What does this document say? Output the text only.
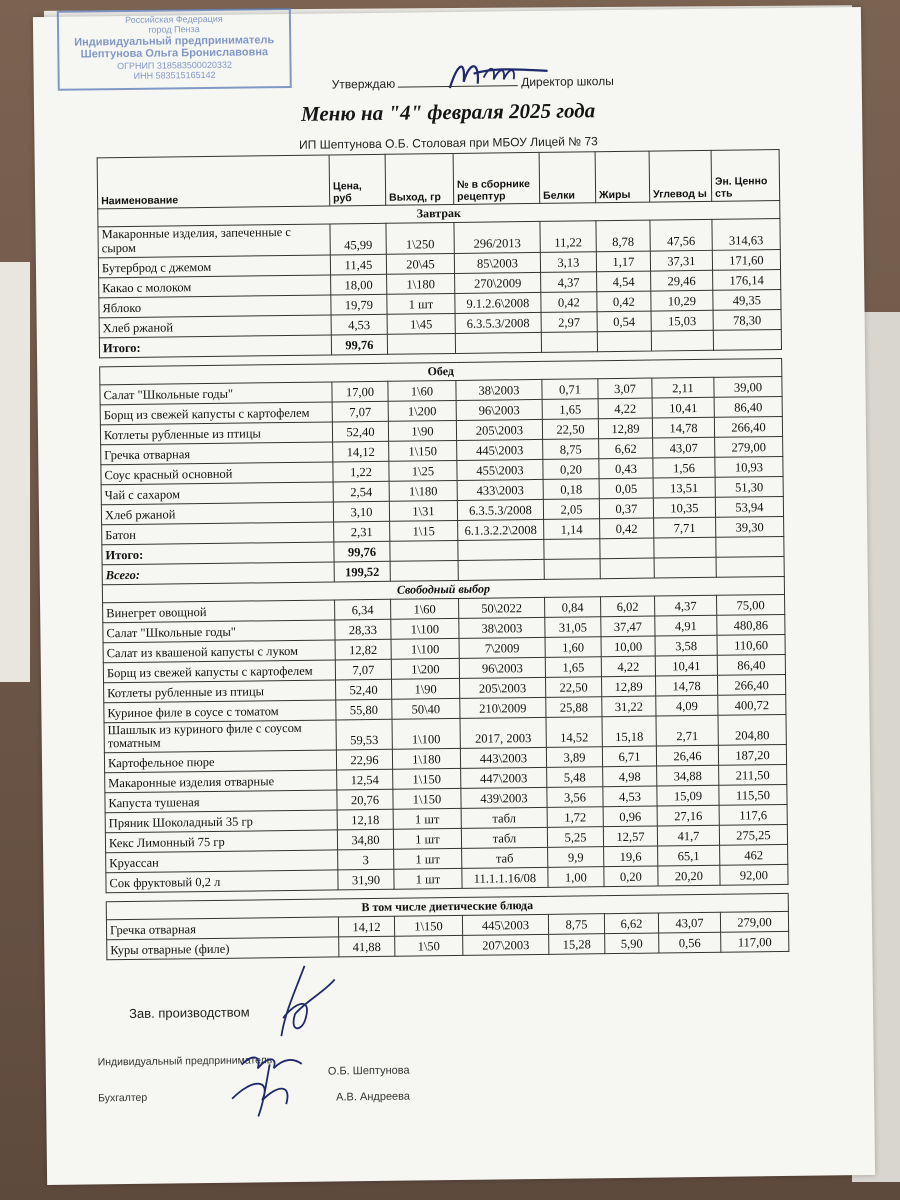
Российская Федерация
город Пенза
Индивидуальный предприниматель
Шептунова Ольга Брониславовна
ОГРНИП 318583500020332
ИНН 583515165142
Утверждаю	Директор школы
Меню на "4" февраля 2025 года
ИП Шептунова О.Б. Столовая при МБОУ Лицей № 73
Наименование	Цена, руб	Выход, гр	№ в сборнике рецептур	Белки	Жиры	Углевод ы	Эн. Ценно сть
Завтрак							
Макаронные изделия, запеченные с сыром	45,99	1\250	296/2013	11,22	8,78	47,56	314,63
Бутерброд с джемом	11,45	20\45	85\2003	3,13	1,17	37,31	171,60
Какао с молоком	18,00	1\180	270\2009	4,37	4,54	29,46	176,14
Яблоко	19,79	1 шт	9.1.2.6\2008	0,42	0,42	10,29	49,35
Хлеб ржаной	4,53	1\45	6.3.5.3/2008	2,97	0,54	15,03	78,30
Итого:	99,76						

Обед							
Салат "Школьные годы"	17,00	1\60	38\2003	0,71	3,07	2,11	39,00
Борщ из свежей капусты с картофелем	7,07	1\200	96\2003	1,65	4,22	10,41	86,40
Котлеты рубленные из птицы	52,40	1\90	205\2003	22,50	12,89	14,78	266,40
Гречка отварная	14,12	1\150	445\2003	8,75	6,62	43,07	279,00
Соус красный основной	1,22	1\25	455\2003	0,20	0,43	1,56	10,93
Чай с сахаром	2,54	1\180	433\2003	0,18	0,05	13,51	51,30
Хлеб ржаной	3,10	1\31	6.3.5.3/2008	2,05	0,37	10,35	53,94
Батон	2,31	1\15	6.1.3.2.2\2008	1,14	0,42	7,71	39,30
Итого:	99,76						
Всего:	199,52						
Свободный выбор							
Винегрет овощной	6,34	1\60	50\2022	0,84	6,02	4,37	75,00
Салат "Школьные годы"	28,33	1\100	38\2003	31,05	37,47	4,91	480,86
Салат из квашеной капусты с луком	12,82	1\100	7\2009	1,60	10,00	3,58	110,60
Борщ из свежей капусты с картофелем	7,07	1\200	96\2003	1,65	4,22	10,41	86,40
Котлеты рубленные из птицы	52,40	1\90	205\2003	22,50	12,89	14,78	266,40
Куриное филе в соусе с томатом	55,80	50\40	210\2009	25,88	31,22	4,09	400,72
Шашлык из куриного филе с соусом томатным	59,53	1\100	2017, 2003	14,52	15,18	2,71	204,80
Картофельное пюре	22,96	1\180	443\2003	3,89	6,71	26,46	187,20
Макаронные изделия отварные	12,54	1\150	447\2003	5,48	4,98	34,88	211,50
Капуста тушеная	20,76	1\150	439\2003	3,56	4,53	15,09	115,50
Пряник Шоколадный 35 гр	12,18	1 шт	табл	1,72	0,96	27,16	117,6
Кекс Лимонный 75 гр	34,80	1 шт	табл	5,25	12,57	41,7	275,25
Круассан	3	1 шт	таб	9,9	19,6	65,1	462
Сок фруктовый 0,2 л	31,90	1 шт	11.1.1.16/08	1,00	0,20	20,20	92,00

В том числе диетические блюда							
Гречка отварная	14,12	1\150	445\2003	8,75	6,62	43,07	279,00
Куры отварные (филе)	41,88	1\50	207\2003	15,28	5,90	0,56	117,00
Зав. производством
Индивидуальный предприниматель
О.Б. Шептунова
Бухгалтер	А.В. Андреева
